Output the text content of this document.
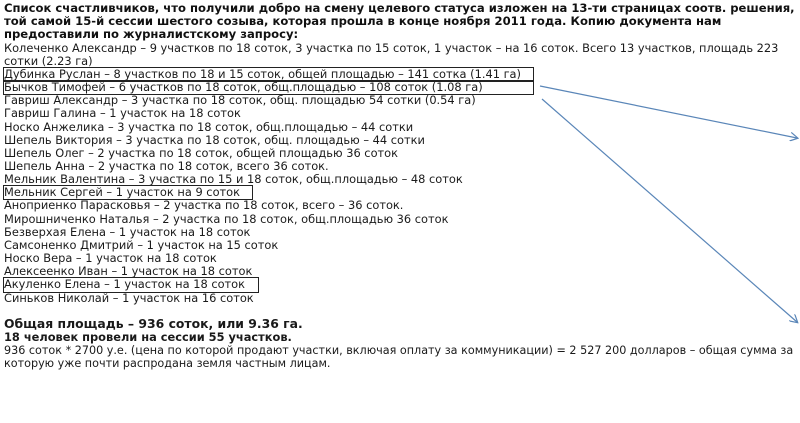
Список счастливчиков, что получили добро на смену целевого статуса изложен на 13-ти страницах соотв. решения, той самой 15-й сессии шестого созыва, которая прошла в конце ноября 2011 года. Копию документа нам предоставили по журналистскому запросу:

Колеченко Александр – 9 участков по 18 соток, 3 участка по 15 соток, 1 участок – на 16 соток. Всего 13 участков, площадь 223 сотки (2.23 га)
Дубинка Руслан – 8 участков по 18 и 15 соток, общей площадью – 141 сотка (1.41 га)
Бычков Тимофей – 6 участков по 18 соток, общ.площадью – 108 соток (1.08 га)
Гавриш Александр – 3 участка по 18 соток, общ. площадью 54 сотки (0.54 га)
Гавриш Галина – 1 участок на 18 соток
Носко Анжелика – 3 участка по 18 соток, общ.площадью – 44 сотки
Шепель Виктория – 3 участка по 18 соток, общ. площадью – 44 сотки
Шепель Олег – 2 участка по 18 соток, общей площадью 36 соток
Шепель Анна – 2 участка по 18 соток, всего 36 соток.
Мельник Валентина – 3 участка по 15 и 18 соток, общ.площадью – 48 соток
Мельник Сергей – 1 участок на 9 соток
Аноприенко Парасковья – 2 участка по 18 соток, всего – 36 соток.
Мирошниченко Наталья – 2 участка по 18 соток, общ.площадью 36 соток
Безверхая Елена – 1 участок на 18 соток
Самсоненко Дмитрий – 1 участок на 15 соток
Носко Вера – 1 участок на 18 соток
Алексеенко Иван – 1 участок на 18 соток
Акуленко Елена – 1 участок на 18 соток
Синьков Николай – 1 участок на 16 соток

Общая площадь – 936 соток, или 9.36 га.

18 человек провели на сессии 55 участков.

936 соток * 2700 у.е. (цена по которой продают участки, включая оплату за коммуникации) = 2 527 200 долларов – общая сумма за которую уже почти распродана земля частным лицам.
